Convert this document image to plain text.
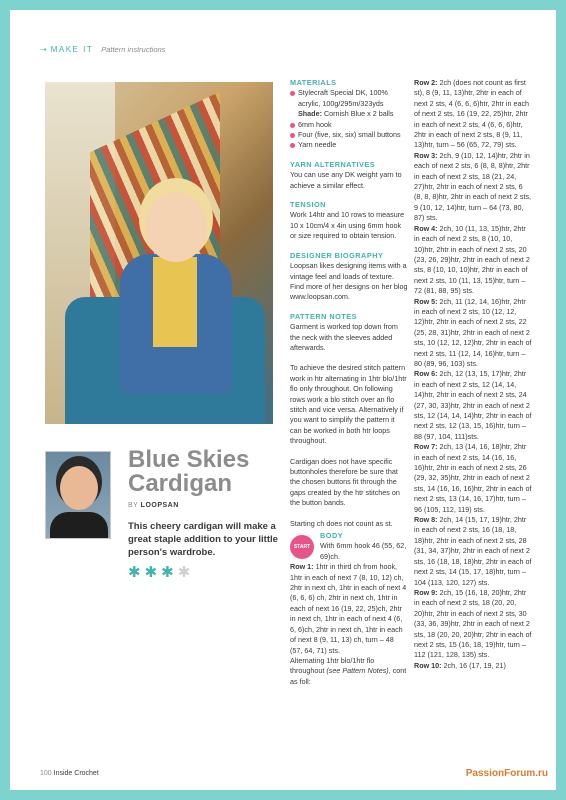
⇢ MAKE IT Pattern instructions
Blue Skies
Cardigan
BY LOOPSAN
This cheery cardigan will make a great staple addition to your little person's wardrobe.
✱ ✱ ✱ ✱
MATERIALS
Stylecraft Special DK, 100% acrylic, 100g/295m/323yds
Shade: Cornish Blue x 2 balls
6mm hook
Four (five, six, six) small buttons
Yarn needle
YARN ALTERNATIVES
You can use any DK weight yarn to achieve a similar effect.
TENSION
Work 14htr and 10 rows to measure 10 x 10cm/4 x 4in using 6mm hook or size required to obtain tension.
DESIGNER BIOGRAPHY
Loopsan likes designing items with a vintage feel and loads of texture. Find more of her designs on her blog www.loopsan.com.
PATTERN NOTES
Garment is worked top down from the neck with the sleeves added afterwards.
To achieve the desired stitch pattern work in htr alternating in 1htr blo/1htr flo only throughout. On following rows work a blo stitch over an flo stitch and vice versa. Alternatively if you want to simplify the pattern it can be worked in both htr loops throughout.
Cardigan does not have specific buttonholes therefore be sure that the chosen buttons fit through the gaps created by the htr stitches on the button bands.
Starting ch does not count as st.
START
BODY
With 6mm hook 46 (55, 62, 69)ch.
Row 1: 1htr in third ch from hook, 1htr in each of next 7 (8, 10, 12) ch, 2htr in next ch, 1htr in each of next 4 (6, 6, 6) ch, 2htr in next ch, 1htr in each of next 16 (19, 22, 25)ch, 2htr in next ch, 1htr in each of next 4 (6, 6, 6)ch, 2htr in next ch, 1htr in each of next 8 (9, 11, 13) ch, turn – 48 (57, 64, 71) sts.
Alternating 1htr blo/1htr flo throughout (see Pattern Notes), cont as foll:
Row 2: 2ch (does not count as first st), 8 (9, 11, 13)htr, 2htr in each of next 2 sts, 4 (6, 6, 6)htr, 2htr in each of next 2 sts, 16 (19, 22, 25)htr, 2htr in each of next 2 sts, 4 (6, 6, 6)htr, 2htr in each of next 2 sts, 8 (9, 11, 13)htr, turn – 56 (65, 72, 79) sts.
Row 3: 2ch, 9 (10, 12, 14)htr, 2htr in each of next 2 sts, 6 (8, 8, 8)htr, 2htr in each of next 2 sts, 18 (21, 24, 27)htr, 2htr in each of next 2 sts, 6 (8, 8, 8)htr, 2htr in each of next 2 sts, 9 (10, 12, 14)htr, turn – 64 (73, 80, 87) sts.
Row 4: 2ch, 10 (11, 13, 15)htr, 2htr in each of next 2 sts, 8 (10, 10, 10)htr, 2htr in each of next 2 sts, 20 (23, 26, 29)htr, 2htr in each of next 2 sts, 8 (10, 10, 10)htr, 2htr in each of next 2 sts, 10 (11, 13, 15)htr, turn – 72 (81, 88, 95) sts.
Row 5: 2ch, 11 (12, 14, 16)htr, 2htr in each of next 2 sts, 10 (12, 12, 12)htr, 2htr in each of next 2 sts, 22 (25, 28, 31)htr, 2htr in each of next 2 sts, 10 (12, 12, 12)htr, 2htr in each of next 2 sts, 11 (12, 14, 16)htr, turn – 80 (89, 96, 103) sts.
Row 6: 2ch, 12 (13, 15, 17)htr, 2htr in each of next 2 sts, 12 (14, 14, 14)htr, 2htr in each of next 2 sts, 24 (27, 30, 33)htr, 2htr in each of next 2 sts, 12 (14, 14, 14)htr, 2htr in each of next 2 sts, 12 (13, 15, 16)htr, turn – 88 (97, 104, 111)sts.
Row 7: 2ch, 13 (14, 16, 18)htr, 2htr in each of next 2 sts, 14 (16, 16, 16)htr, 2htr in each of next 2 sts, 26 (29, 32, 35)htr, 2htr in each of next 2 sts, 14 (16, 16, 16)htr, 2htr in each of next 2 sts, 13 (14, 16, 17)htr, turn – 96 (105, 112, 119) sts.
Row 8: 2ch, 14 (15, 17, 19)htr, 2htr in each of next 2 sts, 16 (18, 18, 18)htr, 2htr in each of next 2 sts, 28 (31, 34, 37)htr, 2htr in each of next 2 sts, 16 (18, 18, 18)htr, 2htr in each of next 2 sts, 14 (15, 17, 18)htr, turn – 104 (113, 120, 127) sts.
Row 9: 2ch, 15 (16, 18, 20)htr, 2htr in each of next 2 sts, 18 (20, 20, 20)htr, 2htr in each of next 2 sts, 30 (33, 36, 39)htr, 2htr in each of next 2 sts, 18 (20, 20, 20)htr, 2htr in each of next 2 sts, 15 (16, 18, 19)htr, turn – 112 (121, 128, 135) sts.
Row 10: 2ch, 16 (17, 19, 21)
100 Inside Crochet	PassionForum.ru
